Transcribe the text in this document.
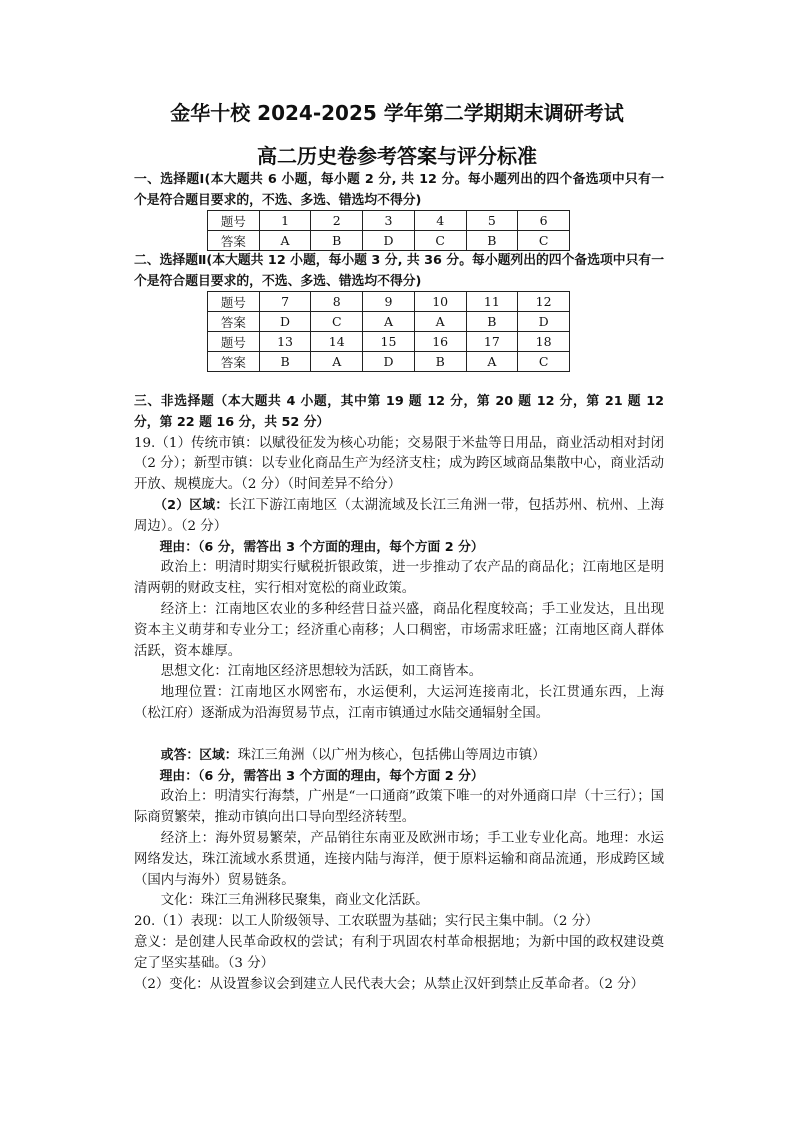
金华十校 2024-2025 学年第二学期期末调研考试
高二历史卷参考答案与评分标准
一、选择题Ⅰ(本大题共 6 小题，每小题 2 分, 共 12 分。每小题列出的四个备选项中只有一个是符合题目要求的，不选、多选、错选均不得分)
题号	1	2	3	4	5	6
答案	A	B	D	C	B	C
二、选择题Ⅱ(本大题共 12 小题，每小题 3 分, 共 36 分。每小题列出的四个备选项中只有一个是符合题目要求的，不选、多选、错选均不得分)
题号	7	8	9	10	11	12
答案	D	C	A	A	B	D
题号	13	14	15	16	17	18
答案	B	A	D	B	A	C

三、非选择题（本大题共 4 小题，其中第 19 题 12 分，第 20 题 12 分，第 21 题 12 分，第 22 题 16 分，共 52 分）

19.（1）传统市镇：以赋役征发为核心功能；交易限于米盐等日用品，商业活动相对封闭（2 分）；新型市镇：以专业化商品生产为经济支柱；成为跨区域商品集散中心，商业活动开放、规模庞大。（2 分）（时间差异不给分）

（2）区域：长江下游江南地区（太湖流域及长江三角洲一带，包括苏州、杭州、上海周边）。（2 分）

理由：（6 分，需答出 3 个方面的理由，每个方面 2 分）

政治上：明清时期实行赋税折银政策，进一步推动了农产品的商品化；江南地区是明清两朝的财政支柱，实行相对宽松的商业政策。

经济上：江南地区农业的多种经营日益兴盛，商品化程度较高；手工业发达，且出现资本主义萌芽和专业分工；经济重心南移；人口稠密，市场需求旺盛；江南地区商人群体活跃，资本雄厚。

思想文化：江南地区经济思想较为活跃，如工商皆本。

地理位置：江南地区水网密布，水运便利，大运河连接南北，长江贯通东西，上海（松江府）逐渐成为沿海贸易节点，江南市镇通过水陆交通辐射全国。

或答：区域：珠江三角洲（以广州为核心，包括佛山等周边市镇）

理由：（6 分，需答出 3 个方面的理由，每个方面 2 分）

政治上：明清实行海禁，广州是“一口通商”政策下唯一的对外通商口岸（十三行）；国际商贸繁荣，推动市镇向出口导向型经济转型。

经济上：海外贸易繁荣，产品销往东南亚及欧洲市场；手工业专业化高。地理：水运网络发达，珠江流域水系贯通，连接内陆与海洋，便于原料运输和商品流通，形成跨区域（国内与海外）贸易链条。

文化：珠江三角洲移民聚集，商业文化活跃。

20.（1）表现：以工人阶级领导、工农联盟为基础；实行民主集中制。（2 分）

意义：是创建人民革命政权的尝试；有利于巩固农村革命根据地；为新中国的政权建设奠定了坚实基础。（3 分）

（2）变化：从设置参议会到建立人民代表大会；从禁止汉奸到禁止反革命者。（2 分）
